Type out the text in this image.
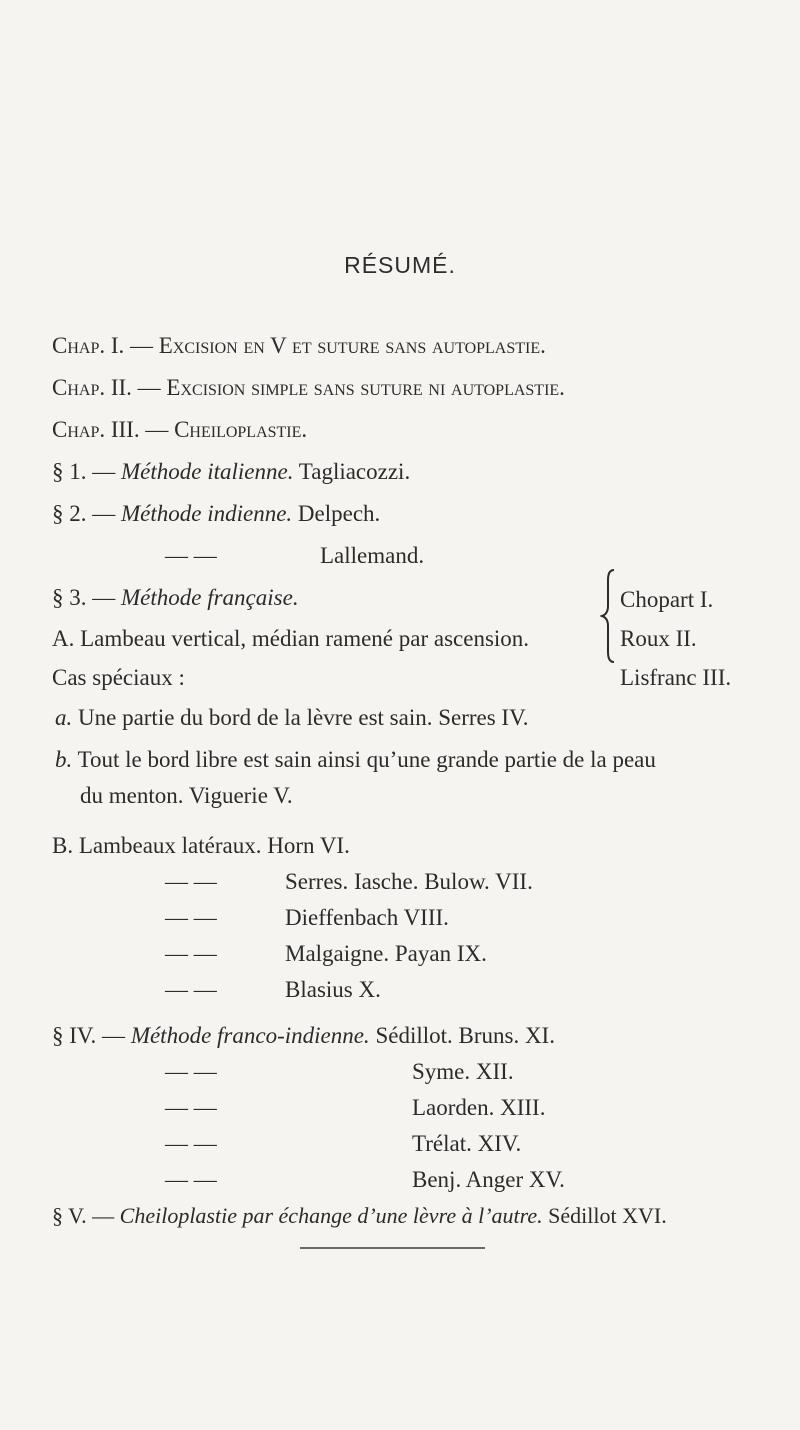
RÉSUMÉ.
Chap. I. — Excision en V et suture sans autoplastie.
Chap. II. — Excision simple sans suture ni autoplastie.
Chap. III. — Cheiloplastie.
§ 1. — Méthode italienne. Tagliacozzi.
§ 2. — Méthode indienne. Delpech.
— —	Lallemand.
§ 3. — Méthode française.
A. Lambeau vertical, médian ramené par ascension.
Cas spéciaux :
Chopart I.
Roux II.
Lisfranc III.
a. Une partie du bord de la lèvre est sain. Serres IV.
b. Tout le bord libre est sain ainsi qu’une grande partie de la peau
du menton. Viguerie V.
B. Lambeaux latéraux. Horn VI.
— —	Serres. Iasche. Bulow. VII.
— —	Dieffenbach VIII.
— —	Malgaigne. Payan IX.
— —	Blasius X.
§ IV. — Méthode franco-indienne. Sédillot. Bruns. XI.
— —	Syme. XII.
— —	Laorden. XIII.
— —	Trélat. XIV.
— —	Benj. Anger XV.
§ V. — Cheiloplastie par échange d’une lèvre à l’autre. Sédillot XVI.
